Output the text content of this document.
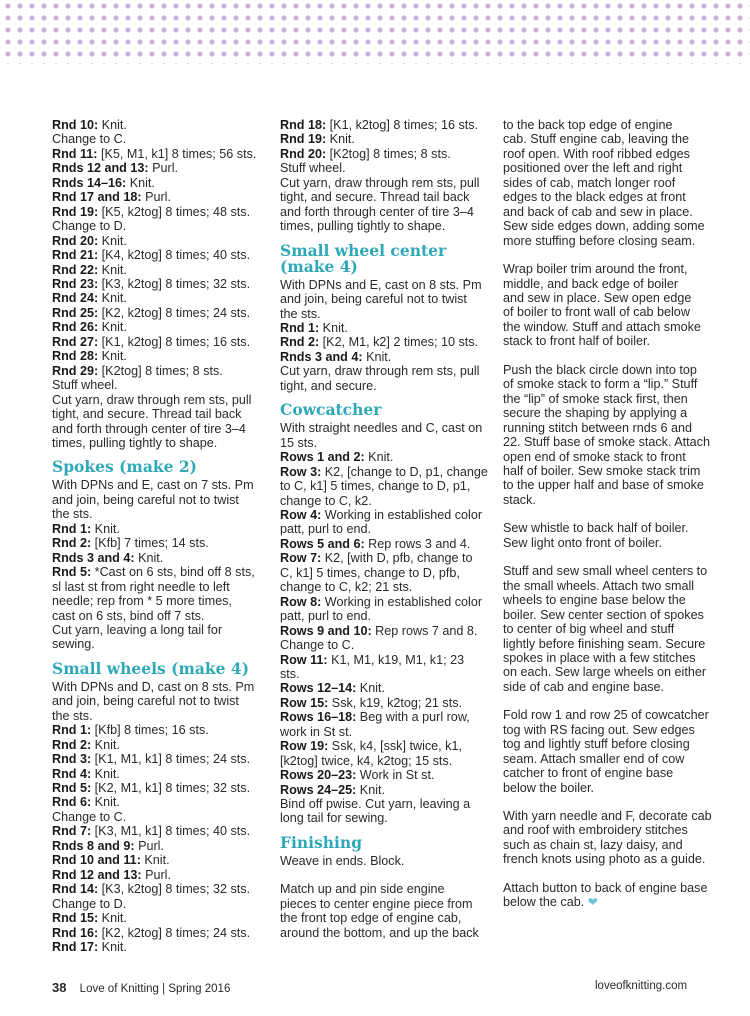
Rnd 10: Knit.
Change to C.
Rnd 11: [K5, M1, k1] 8 times; 56 sts.
Rnds 12 and 13: Purl.
Rnds 14–16: Knit.
Rnd 17 and 18: Purl.
Rnd 19: [K5, k2tog] 8 times; 48 sts.
Change to D.
Rnd 20: Knit.
Rnd 21: [K4, k2tog] 8 times; 40 sts.
Rnd 22: Knit.
Rnd 23: [K3, k2tog] 8 times; 32 sts.
Rnd 24: Knit.
Rnd 25: [K2, k2tog] 8 times; 24 sts.
Rnd 26: Knit.
Rnd 27: [K1, k2tog] 8 times; 16 sts.
Rnd 28: Knit.
Rnd 29: [K2tog] 8 times; 8 sts.
Stuff wheel.
Cut yarn, draw through rem sts, pull
tight, and secure. Thread tail back
and forth through center of tire 3–4
times, pulling tightly to shape.
Spokes (make 2)
With DPNs and E, cast on 7 sts. Pm
and join, being careful not to twist
the sts.
Rnd 1: Knit.
Rnd 2: [Kfb] 7 times; 14 sts.
Rnds 3 and 4: Knit.
Rnd 5: *Cast on 6 sts, bind off 8 sts,
sl last st from right needle to left
needle; rep from * 5 more times,
cast on 6 sts, bind off 7 sts.
Cut yarn, leaving a long tail for
sewing.
Small wheels (make 4)
With DPNs and D, cast on 8 sts. Pm
and join, being careful not to twist
the sts.
Rnd 1: [Kfb] 8 times; 16 sts.
Rnd 2: Knit.
Rnd 3: [K1, M1, k1] 8 times; 24 sts.
Rnd 4: Knit.
Rnd 5: [K2, M1, k1] 8 times; 32 sts.
Rnd 6: Knit.
Change to C.
Rnd 7: [K3, M1, k1] 8 times; 40 sts.
Rnds 8 and 9: Purl.
Rnd 10 and 11: Knit.
Rnd 12 and 13: Purl.
Rnd 14: [K3, k2tog] 8 times; 32 sts.
Change to D.
Rnd 15: Knit.
Rnd 16: [K2, k2tog] 8 times; 24 sts.
Rnd 17: Knit.
Rnd 18: [K1, k2tog] 8 times; 16 sts.
Rnd 19: Knit.
Rnd 20: [K2tog] 8 times; 8 sts.
Stuff wheel.
Cut yarn, draw through rem sts, pull
tight, and secure. Thread tail back
and forth through center of tire 3–4
times, pulling tightly to shape.
Small wheel center
(make 4)
With DPNs and E, cast on 8 sts. Pm
and join, being careful not to twist
the sts.
Rnd 1: Knit.
Rnd 2: [K2, M1, k2] 2 times; 10 sts.
Rnds 3 and 4: Knit.
Cut yarn, draw through rem sts, pull
tight, and secure.
Cowcatcher
With straight needles and C, cast on
15 sts.
Rows 1 and 2: Knit.
Row 3: K2, [change to D, p1, change
to C, k1] 5 times, change to D, p1,
change to C, k2.
Row 4: Working in established color
patt, purl to end.
Rows 5 and 6: Rep rows 3 and 4.
Row 7: K2, [with D, pfb, change to
C, k1] 5 times, change to D, pfb,
change to C, k2; 21 sts.
Row 8: Working in established color
patt, purl to end.
Rows 9 and 10: Rep rows 7 and 8.
Change to C.
Row 11: K1, M1, k19, M1, k1; 23
sts.
Rows 12–14: Knit.
Row 15: Ssk, k19, k2tog; 21 sts.
Rows 16–18: Beg with a purl row,
work in St st.
Row 19: Ssk, k4, [ssk] twice, k1,
[k2tog] twice, k4, k2tog; 15 sts.
Rows 20–23: Work in St st.
Rows 24–25: Knit.
Bind off pwise. Cut yarn, leaving a
long tail for sewing.
Finishing
Weave in ends. Block.
Match up and pin side engine
pieces to center engine piece from
the front top edge of engine cab,
around the bottom, and up the back
to the back top edge of engine
cab. Stuff engine cab, leaving the
roof open. With roof ribbed edges
positioned over the left and right
sides of cab, match longer roof
edges to the black edges at front
and back of cab and sew in place.
Sew side edges down, adding some
more stuffing before closing seam.
Wrap boiler trim around the front,
middle, and back edge of boiler
and sew in place. Sew open edge
of boiler to front wall of cab below
the window. Stuff and attach smoke
stack to front half of boiler.
Push the black circle down into top
of smoke stack to form a “lip.” Stuff
the “lip” of smoke stack first, then
secure the shaping by applying a
running stitch between rnds 6 and
22. Stuff base of smoke stack. Attach
open end of smoke stack to front
half of boiler. Sew smoke stack trim
to the upper half and base of smoke
stack.
Sew whistle to back half of boiler.
Sew light onto front of boiler.
Stuff and sew small wheel centers to
the small wheels. Attach two small
wheels to engine base below the
boiler. Sew center section of spokes
to center of big wheel and stuff
lightly before finishing seam. Secure
spokes in place with a few stitches
on each. Sew large wheels on either
side of cab and engine base.
Fold row 1 and row 25 of cowcatcher
tog with RS facing out. Sew edges
tog and lightly stuff before closing
seam. Attach smaller end of cow
catcher to front of engine base
below the boiler.
With yarn needle and F, decorate cab
and roof with embroidery stitches
such as chain st, lazy daisy, and
french knots using photo as a guide.
Attach button to back of engine base
below the cab. ❤
38 Love of Knitting | Spring 2016	loveofknitting.com
